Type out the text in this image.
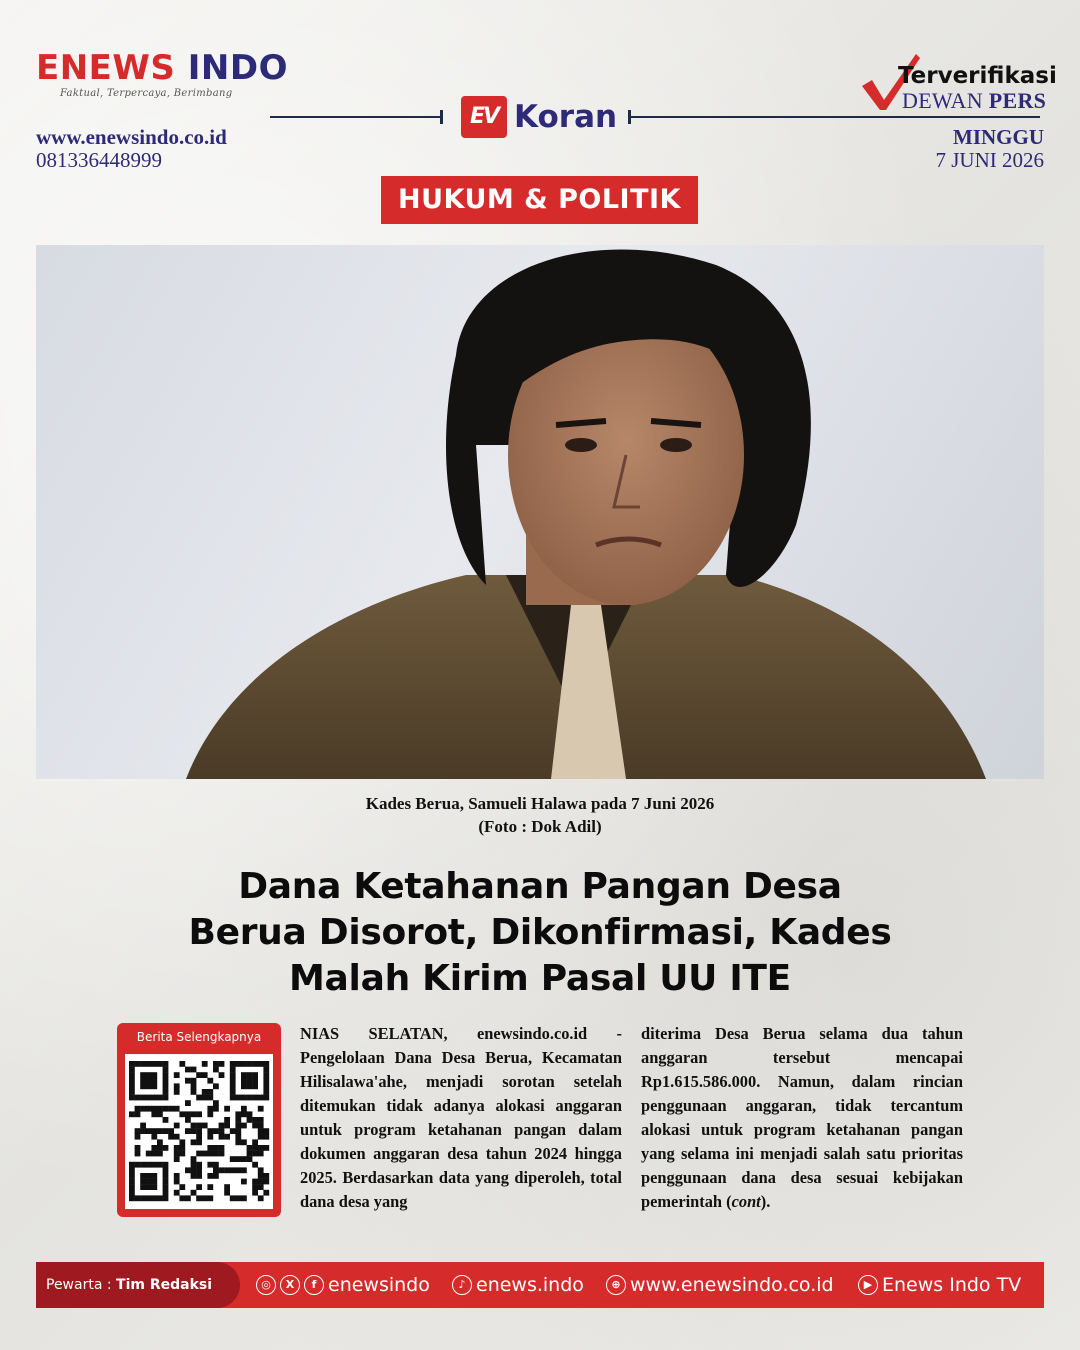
ENEWS INDO
Faktual, Terpercaya, Berimbang
www.enewsindo.co.id
081336448999
EV Koran
Terverifikasi
DEWAN PERS
MINGGU
7 JUNI 2026
HUKUM & POLITIK
Kades Berua, Samueli Halawa pada 7 Juni 2026
(Foto : Dok Adil)
Dana Ketahanan Pangan Desa
Berua Disorot, Dikonfirmasi, Kades
Malah Kirim Pasal UU ITE
Berita Selengkapnya	NIAS SELATAN, enewsindo.co.id - Pengelolaan Dana Desa Berua, Kecamatan Hilisalawa'ahe, menjadi sorotan setelah ditemukan tidak adanya alokasi anggaran untuk program ketahanan pangan dalam dokumen anggaran desa tahun 2024 hingga 2025. Berdasarkan data yang diperoleh, total dana desa yang
diterima Desa Berua selama dua tahun anggaran tersebut mencapai Rp1.615.586.000. Namun, dalam rincian penggunaan anggaran, tidak tercantum alokasi untuk program ketahanan pangan yang selama ini menjadi salah satu prioritas penggunaan dana desa sesuai kebijakan pemerintah (cont).
Pewarta : Tim Redaksi	◎	X	f enewsindo	♪ enews.indo	⊕ www.enewsindo.co.id	▶ Enews Indo TV
